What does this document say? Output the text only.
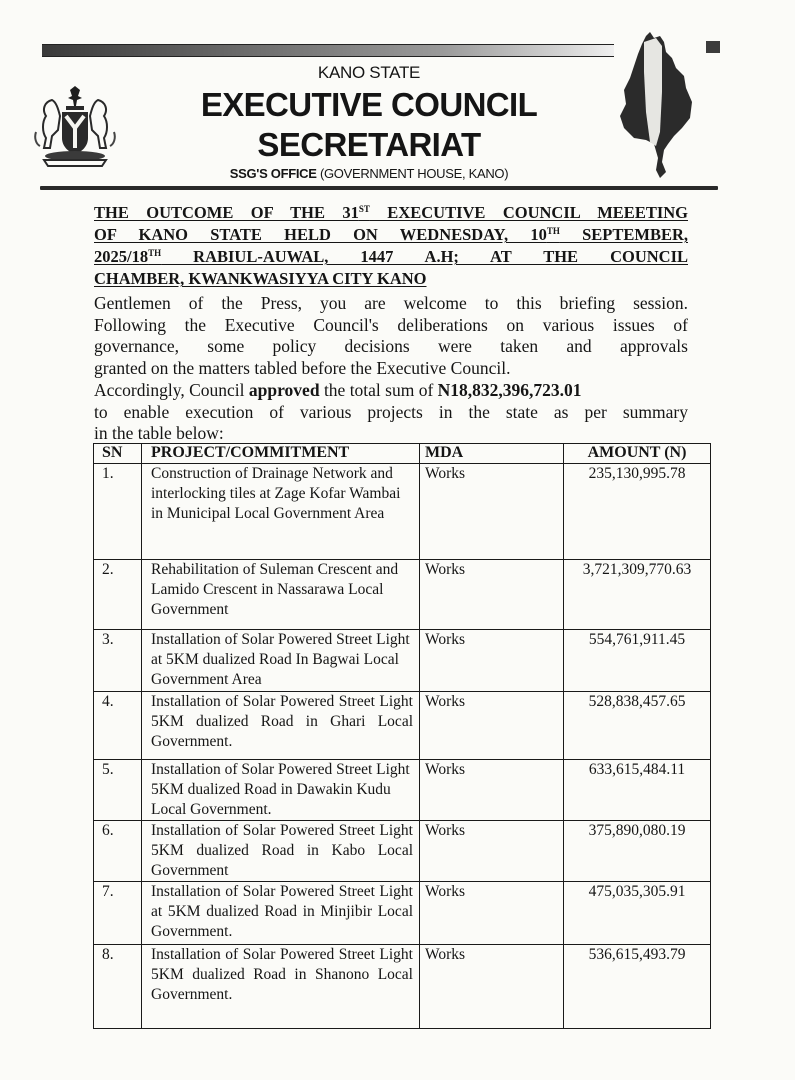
KANO STATE
EXECUTIVE COUNCIL
SECRETARIAT
SSG'S OFFICE (GOVERNMENT HOUSE, KANO)
THE OUTCOME OF THE 31ST EXECUTIVE COUNCIL MEEETING
OF KANO STATE HELD ON WEDNESDAY, 10TH SEPTEMBER,
2025/18TH RABIUL-AUWAL, 1447 A.H; AT THE COUNCIL
CHAMBER, KWANKWASIYYA CITY KANO
Gentlemen of the Press, you are welcome to this briefing session.
Following the Executive Council's deliberations on various issues of
governance, some policy decisions were taken and approvals
granted on the matters tabled before the Executive Council.
Accordingly, Council approved the total sum of N18,832,396,723.01
to enable execution of various projects in the state as per summary
in the table below:
SN	PROJECT/COMMITMENT	MDA	AMOUNT (N)
1.	Construction of Drainage Network and interlocking tiles at Zage Kofar Wambai in Municipal Local Government Area	Works	235,130,995.78
2.	Rehabilitation of Suleman Crescent and Lamido Crescent in Nassarawa Local Government	Works	3,721,309,770.63
3.	Installation of Solar Powered Street Light at 5KM dualized Road In Bagwai Local Government Area	Works	554,761,911.45
4.	Installation of Solar Powered Street Light 5KM dualized Road in Ghari Local Government.	Works	528,838,457.65
5.	Installation of Solar Powered Street Light 5KM dualized Road in Dawakin Kudu Local Government.	Works	633,615,484.11
6.	Installation of Solar Powered Street Light 5KM dualized Road in Kabo Local Government	Works	375,890,080.19
7.	Installation of Solar Powered Street Light at 5KM dualized Road in Minjibir Local Government.	Works	475,035,305.91
8.	Installation of Solar Powered Street Light 5KM dualized Road in Shanono Local Government.	Works	536,615,493.79
